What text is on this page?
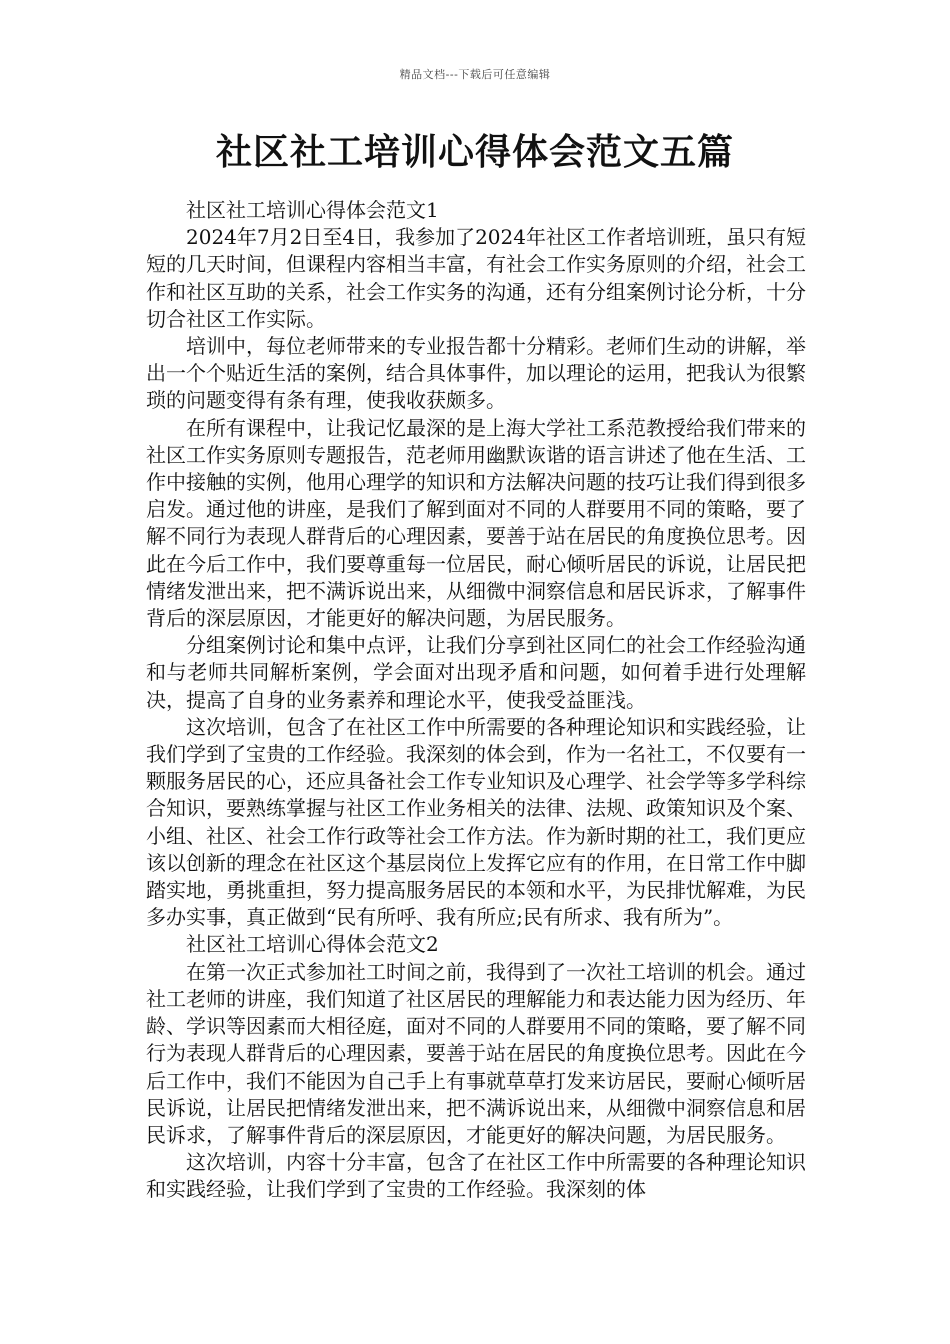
精品文档---下载后可任意编辑
社区社工培训心得体会范文五篇

社区社工培训心得体会范文1

2024年7月2日至4日，我参加了2024年社区工作者培训班，虽只有短短的几天时间，但课程内容相当丰富，有社会工作实务原则的介绍，社会工作和社区互助的关系，社会工作实务的沟通，还有分组案例讨论分析，十分切合社区工作实际。

培训中，每位老师带来的专业报告都十分精彩。老师们生动的讲解，举出一个个贴近生活的案例，结合具体事件，加以理论的运用，把我认为很繁琐的问题变得有条有理，使我收获颇多。

在所有课程中，让我记忆最深的是上海大学社工系范教授给我们带来的社区工作实务原则专题报告，范老师用幽默诙谐的语言讲述了他在生活、工作中接触的实例，他用心理学的知识和方法解决问题的技巧让我们得到很多启发。通过他的讲座，是我们了解到面对不同的人群要用不同的策略，要了解不同行为表现人群背后的心理因素，要善于站在居民的角度换位思考。因此在今后工作中，我们要尊重每一位居民，耐心倾听居民的诉说，让居民把情绪发泄出来，把不满诉说出来，从细微中洞察信息和居民诉求，了解事件背后的深层原因，才能更好的解决问题，为居民服务。

分组案例讨论和集中点评，让我们分享到社区同仁的社会工作经验沟通和与老师共同解析案例，学会面对出现矛盾和问题，如何着手进行处理解决，提高了自身的业务素养和理论水平，使我受益匪浅。

这次培训，包含了在社区工作中所需要的各种理论知识和实践经验，让我们学到了宝贵的工作经验。我深刻的体会到，作为一名社工，不仅要有一颗服务居民的心，还应具备社会工作专业知识及心理学、社会学等多学科综合知识，要熟练掌握与社区工作业务相关的法律、法规、政策知识及个案、小组、社区、社会工作行政等社会工作方法。作为新时期的社工，我们更应该以创新的理念在社区这个基层岗位上发挥它应有的作用，在日常工作中脚踏实地，勇挑重担，努力提高服务居民的本领和水平，为民排忧解难，为民多办实事，真正做到“民有所呼、我有所应;民有所求、我有所为”。

社区社工培训心得体会范文2

在第一次正式参加社工时间之前，我得到了一次社工培训的机会。通过社工老师的讲座，我们知道了社区居民的理解能力和表达能力因为经历、年龄、学识等因素而大相径庭，面对不同的人群要用不同的策略，要了解不同行为表现人群背后的心理因素，要善于站在居民的角度换位思考。因此在今后工作中，我们不能因为自己手上有事就草草打发来访居民，要耐心倾听居民诉说，让居民把情绪发泄出来，把不满诉说出来，从细微中洞察信息和居民诉求，了解事件背后的深层原因，才能更好的解决问题，为居民服务。

这次培训，内容十分丰富，包含了在社区工作中所需要的各种理论知识和实践经验，让我们学到了宝贵的工作经验。我深刻的体
